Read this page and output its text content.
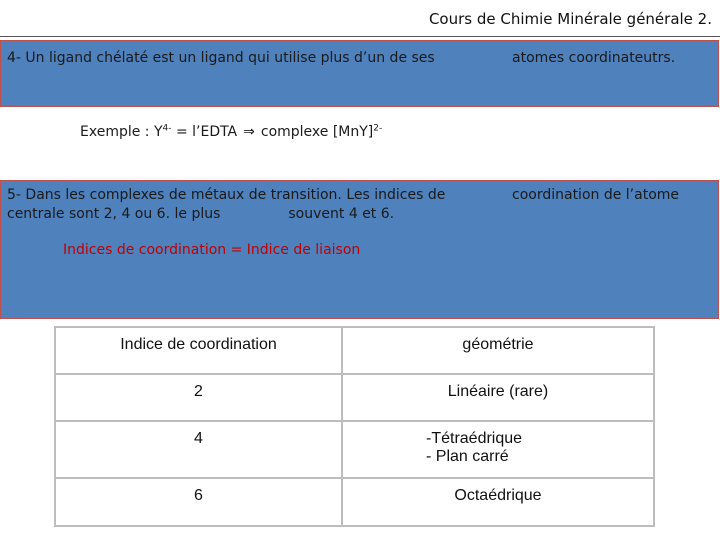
Cours de Chimie Minérale générale 2.
4- Un ligand chélaté est un ligand qui utilise plus d’un de ses	atomes coordinateutrs.
Exemple : $Y^{4-}$ = l’EDTA ⇒ complexe [MnY]$^{2-}$
5- Dans les complexes de métaux de transition. Les indices de
centrale sont 2, 4 ou 6. le plus	souvent 4 et 6.
coordination de l’atome
Indices de coordination = Indice de liaison
Indice de coordination	géométrie
2	Linéaire (rare)
4	-Tétraédrique
- Plan carré

6	Octaédrique
